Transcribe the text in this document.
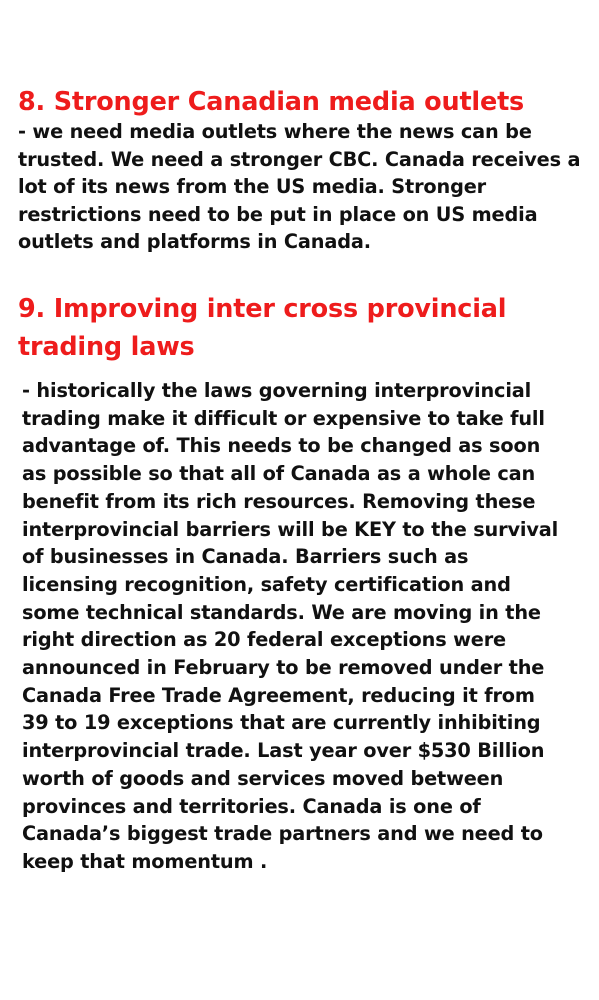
8. Stronger Canadian media outlets

- we need media outlets where the news can be trusted. We need a stronger CBC. Canada receives a lot of its news from the US media. Stronger restrictions need to be put in place on US media outlets and platforms in Canada.

9. Improving inter cross provincial trading laws

- historically the laws governing interprovincial trading make it difficult or expensive to take full advantage of. This needs to be changed as soon as possible so that all of Canada as a whole can benefit from its rich resources. Removing these interprovincial barriers will be KEY to the survival of businesses in Canada. Barriers such as licensing recognition, safety certification and some technical standards. We are moving in the right direction as 20 federal exceptions were announced in February to be removed under the Canada Free Trade Agreement, reducing it from 39 to 19 exceptions that are currently inhibiting interprovincial trade. Last year over $530 Billion worth of goods and services moved between provinces and territories. Canada is one of Canada’s biggest trade partners and we need to keep that momentum .
